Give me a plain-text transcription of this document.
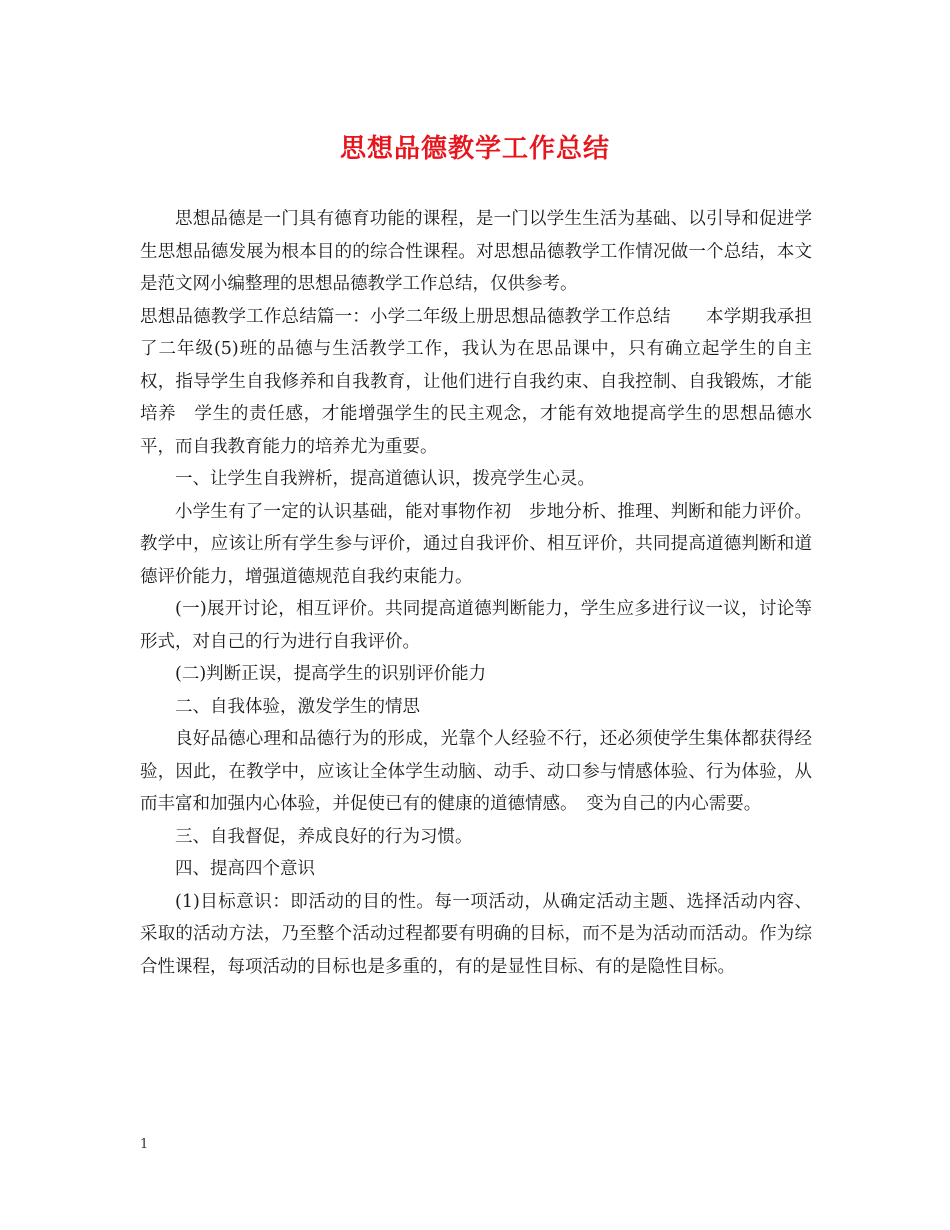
思想品德教学工作总结

思想品德是一门具有德育功能的课程，是一门以学生生活为基础、以引导和促进学生思想品德发展为根本目的的综合性课程。对思想品德教学工作情况做一个总结，本文是范文网小编整理的思想品德教学工作总结，仅供参考。

思想品德教学工作总结篇一：小学二年级上册思想品德教学工作总结　　本学期我承担了二年级(5)班的品德与生活教学工作，我认为在思品课中，只有确立起学生的自主权，指导学生自我修养和自我教育，让他们进行自我约束、自我控制、自我锻炼，才能培养　学生的责任感，才能增强学生的民主观念，才能有效地提高学生的思想品德水平，而自我教育能力的培养尤为重要。

一、让学生自我辨析，提高道德认识，拨亮学生心灵。

小学生有了一定的认识基础，能对事物作初　步地分析、推理、判断和能力评价。教学中，应该让所有学生参与评价，通过自我评价、相互评价，共同提高道德判断和道德评价能力，增强道德规范自我约束能力。

(一)展开讨论，相互评价。共同提高道德判断能力，学生应多进行议一议，讨论等形式，对自己的行为进行自我评价。

(二)判断正误，提高学生的识别评价能力

二、自我体验，激发学生的情思

良好品德心理和品德行为的形成，光靠个人经验不行，还必须使学生集体都获得经验，因此，在教学中，应该让全体学生动脑、动手、动口参与情感体验、行为体验，从而丰富和加强内心体验，并促使已有的健康的道德情感。　变为自己的内心需要。

三、自我督促，养成良好的行为习惯。

四、提高四个意识

(1)目标意识：即活动的目的性。每一项活动，从确定活动主题、选择活动内容、采取的活动方法，乃至整个活动过程都要有明确的目标，而不是为活动而活动。作为综合性课程，每项活动的目标也是多重的，有的是显性目标、有的是隐性目标。

1
